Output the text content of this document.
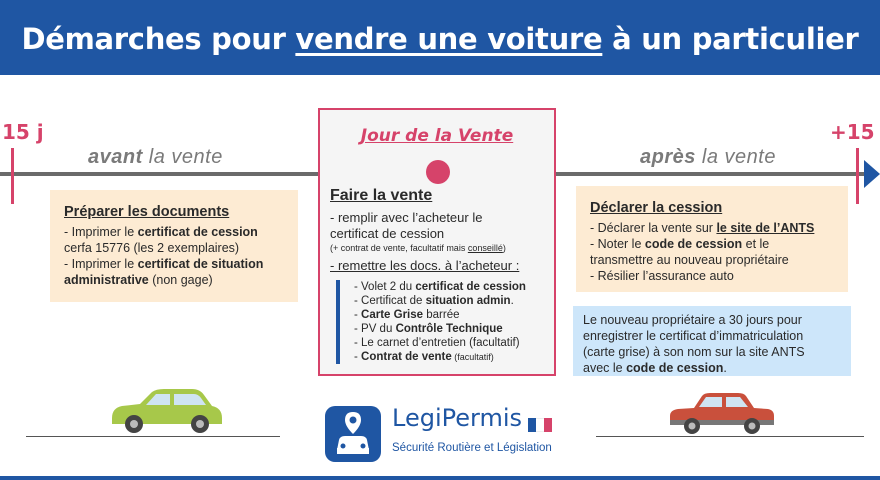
Démarches pour vendre une voiture à un particulier
15 j	+15
avant la vente	après la vente
Préparer les documents
- Imprimer le certificat de cession
cerfa 15776 (les 2 exemplaires)
- Imprimer le certificat de situation
administrative (non gage)
Jour de la Vente
Faire la vente
- remplir avec l’acheteur le
certificat de cession
(+ contrat de vente, facultatif mais conseillé)
- remettre les docs. à l’acheteur :
- Volet 2 du certificat de cession
- Certificat de situation admin.
- Carte Grise barrée
- PV du Contrôle Technique
- Le carnet d’entretien (facultatif)
- Contrat de vente (facultatif)
Déclarer la cession
- Déclarer la vente sur le site de l’ANTS
- Noter le code de cession et le
transmettre au nouveau propriétaire
- Résilier l’assurance auto
Le nouveau propriétaire a 30 jours pour
enregistrer le certificat d’immatriculation
(carte grise) à son nom sur la site ANTS
avec le code de cession.
LegiPermis
Sécurité Routière et Législation
